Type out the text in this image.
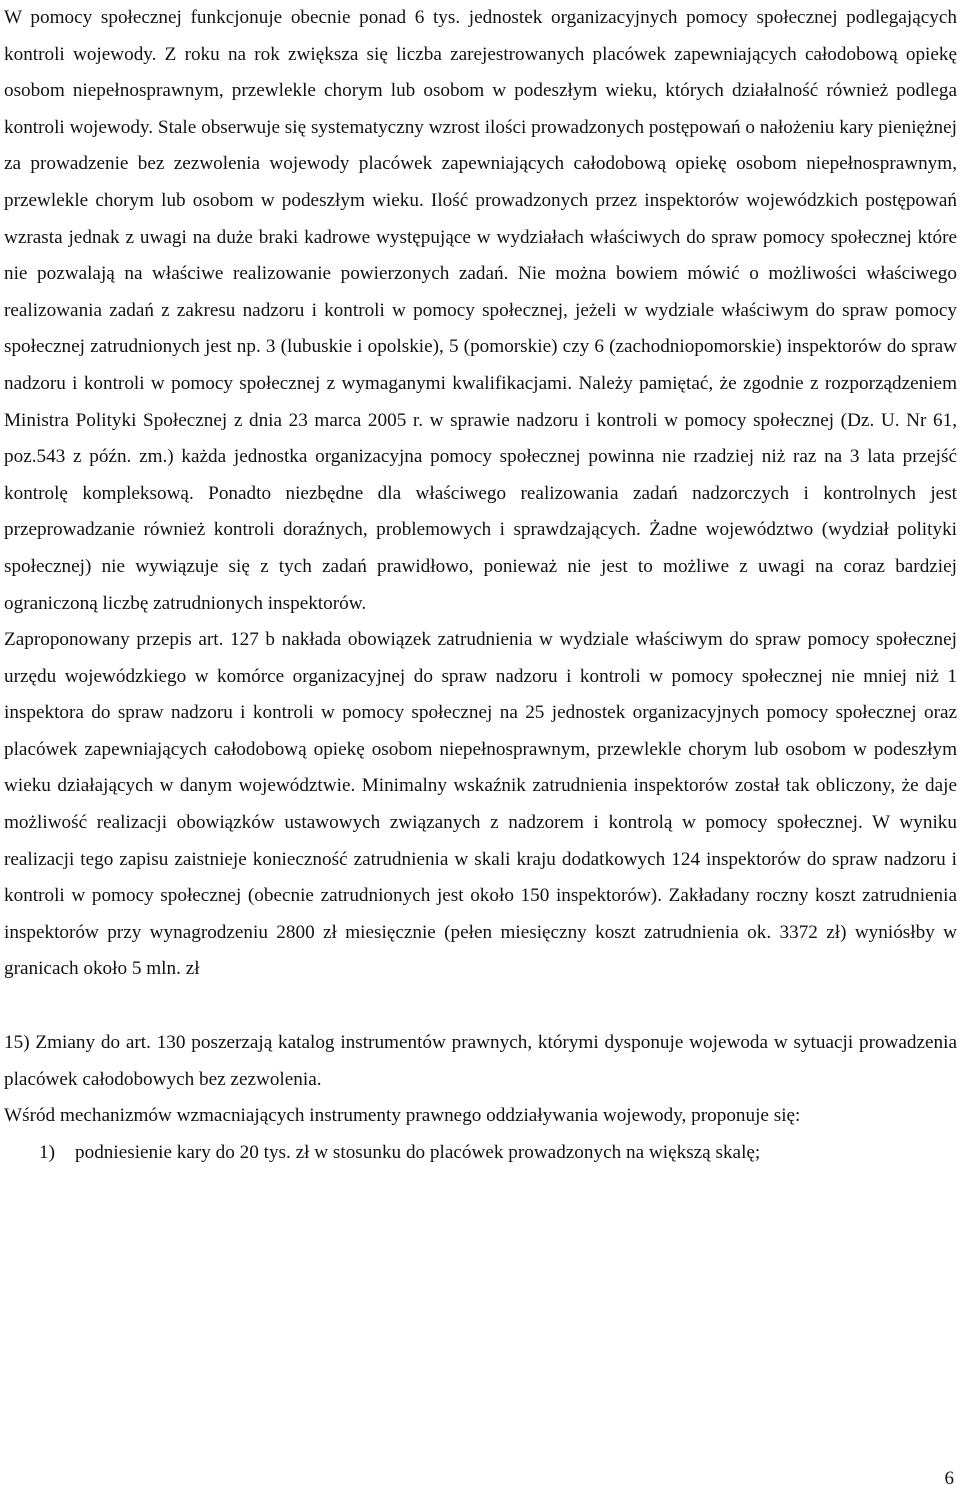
W pomocy społecznej funkcjonuje obecnie ponad 6 tys. jednostek organizacyjnych pomocy społecznej podlegających kontroli wojewody. Z roku na rok zwiększa się liczba zarejestrowanych placówek zapewniających całodobową opiekę osobom niepełnosprawnym, przewlekle chorym lub osobom w podeszłym wieku, których działalność również podlega kontroli wojewody. Stale obserwuje się systematyczny wzrost ilości prowadzonych postępowań o nałożeniu kary pieniężnej za prowadzenie bez zezwolenia wojewody placówek zapewniających całodobową opiekę osobom niepełnosprawnym, przewlekle chorym lub osobom w podeszłym wieku. Ilość prowadzonych przez inspektorów wojewódzkich postępowań wzrasta jednak z uwagi na duże braki kadrowe występujące w wydziałach właściwych do spraw pomocy społecznej które nie pozwalają na właściwe realizowanie powierzonych zadań. Nie można bowiem mówić o możliwości właściwego realizowania zadań z zakresu nadzoru i kontroli w pomocy społecznej, jeżeli w wydziale właściwym do spraw pomocy społecznej zatrudnionych jest np. 3 (lubuskie i opolskie), 5 (pomorskie) czy 6 (zachodniopomorskie) inspektorów do spraw nadzoru i kontroli w pomocy społecznej z wymaganymi kwalifikacjami. Należy pamiętać, że zgodnie z rozporządzeniem Ministra Polityki Społecznej z dnia 23 marca 2005 r. w sprawie nadzoru i kontroli w pomocy społecznej (Dz. U. Nr 61, poz.543 z późn. zm.) każda jednostka organizacyjna pomocy społecznej powinna nie rzadziej niż raz na 3 lata przejść kontrolę kompleksową. Ponadto niezbędne dla właściwego realizowania zadań nadzorczych i kontrolnych jest przeprowadzanie również kontroli doraźnych, problemowych i sprawdzających. Żadne województwo (wydział polityki społecznej) nie wywiązuje się z tych zadań prawidłowo, ponieważ nie jest to możliwe z uwagi na coraz bardziej ograniczoną liczbę zatrudnionych inspektorów.

Zaproponowany przepis art. 127 b nakłada obowiązek zatrudnienia w wydziale właściwym do spraw pomocy społecznej urzędu wojewódzkiego w komórce organizacyjnej do spraw nadzoru i kontroli w pomocy społecznej nie mniej niż 1 inspektora do spraw nadzoru i kontroli w pomocy społecznej na 25 jednostek organizacyjnych pomocy społecznej oraz placówek zapewniających całodobową opiekę osobom niepełnosprawnym, przewlekle chorym lub osobom w podeszłym wieku działających w danym województwie. Minimalny wskaźnik zatrudnienia inspektorów został tak obliczony, że daje możliwość realizacji obowiązków ustawowych związanych z nadzorem i kontrolą w pomocy społecznej. W wyniku realizacji tego zapisu zaistnieje konieczność zatrudnienia w skali kraju dodatkowych 124 inspektorów do spraw nadzoru i kontroli w pomocy społecznej (obecnie zatrudnionych jest około 150 inspektorów). Zakładany roczny koszt zatrudnienia inspektorów przy wynagrodzeniu 2800 zł miesięcznie (pełen miesięczny koszt zatrudnienia ok. 3372 zł) wyniósłby w granicach około 5 mln. zł

15) Zmiany do art. 130 poszerzają katalog instrumentów prawnych, którymi dysponuje wojewoda w sytuacji prowadzenia placówek całodobowych bez zezwolenia.

Wśród mechanizmów wzmacniających instrumenty prawnego oddziaływania wojewody, proponuje się:

1) podniesienie kary do 20 tys. zł w stosunku do placówek prowadzonych na większą skalę;
6
